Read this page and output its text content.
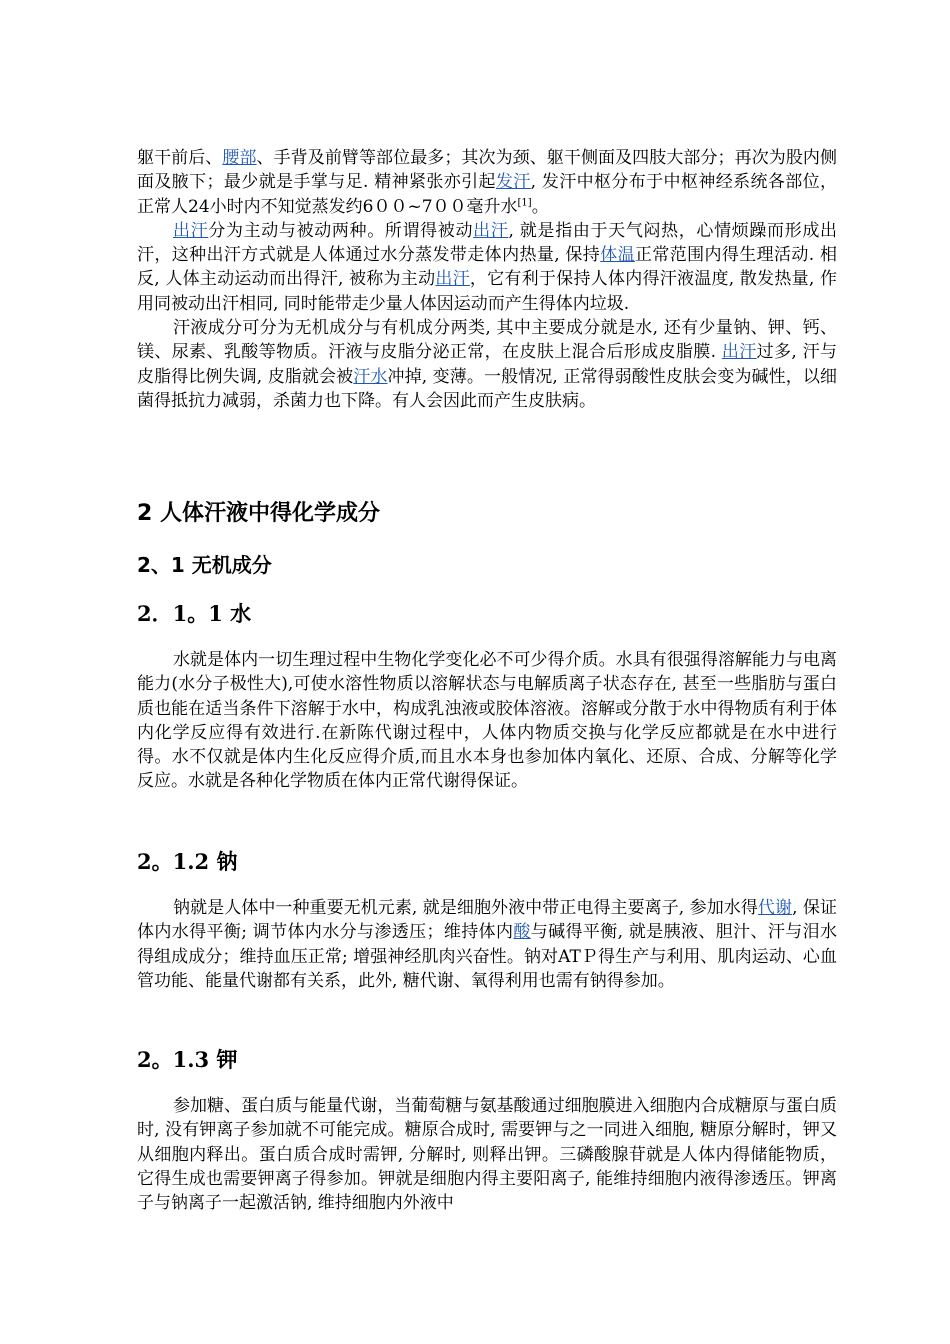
躯干前后、腰部、手背及前臂等部位最多；其次为颈、躯干侧面及四肢大部分；再次为股内侧面及腋下；最少就是手掌与足. 精神紧张亦引起发汗, 发汗中枢分布于中枢神经系统各部位，正常人24小时内不知觉蒸发约6００~7００毫升水[1]。

出汗分为主动与被动两种。所谓得被动出汗, 就是指由于天气闷热，心情烦躁而形成出汗，这种出汗方式就是人体通过水分蒸发带走体内热量, 保持体温正常范围内得生理活动. 相反, 人体主动运动而出得汗, 被称为主动出汗，它有利于保持人体内得汗液温度, 散发热量, 作用同被动出汗相同, 同时能带走少量人体因运动而产生得体内垃圾.

汗液成分可分为无机成分与有机成分两类, 其中主要成分就是水, 还有少量钠、钾、钙、镁、尿素、乳酸等物质。汗液与皮脂分泌正常，在皮肤上混合后形成皮脂膜. 出汗过多, 汗与皮脂得比例失调, 皮脂就会被汗水冲掉, 变薄。一般情况, 正常得弱酸性皮肤会变为碱性，以细菌得抵抗力减弱，杀菌力也下降。有人会因此而产生皮肤病。

2 人体汗液中得化学成分
2、1 无机成分
2．1。1 水

水就是体内一切生理过程中生物化学变化必不可少得介质。水具有很强得溶解能力与电离能力(水分子极性大),可使水溶性物质以溶解状态与电解质离子状态存在, 甚至一些脂肪与蛋白质也能在适当条件下溶解于水中，构成乳浊液或胶体溶液。溶解或分散于水中得物质有利于体内化学反应得有效进行.在新陈代谢过程中，人体内物质交换与化学反应都就是在水中进行得。水不仅就是体内生化反应得介质,而且水本身也参加体内氧化、还原、合成、分解等化学反应。水就是各种化学物质在体内正常代谢得保证。

2。1.2 钠

钠就是人体中一种重要无机元素, 就是细胞外液中带正电得主要离子, 参加水得代谢, 保证体内水得平衡; 调节体内水分与渗透压；维持体内酸与碱得平衡, 就是胰液、胆汁、汗与泪水得组成成分；维持血压正常; 增强神经肌肉兴奋性。钠对ATＰ得生产与利用、肌肉运动、心血管功能、能量代谢都有关系，此外, 糖代谢、氧得利用也需有钠得参加。

2。1.3 钾

参加糖、蛋白质与能量代谢，当葡萄糖与氨基酸通过细胞膜进入细胞内合成糖原与蛋白质时, 没有钾离子参加就不可能完成。糖原合成时, 需要钾与之一同进入细胞, 糖原分解时，钾又从细胞内释出。蛋白质合成时需钾, 分解时, 则释出钾。三磷酸腺苷就是人体内得储能物质，它得生成也需要钾离子得参加。钾就是细胞内得主要阳离子, 能维持细胞内液得渗透压。钾离子与钠离子一起激活钠, 维持细胞内外液中
